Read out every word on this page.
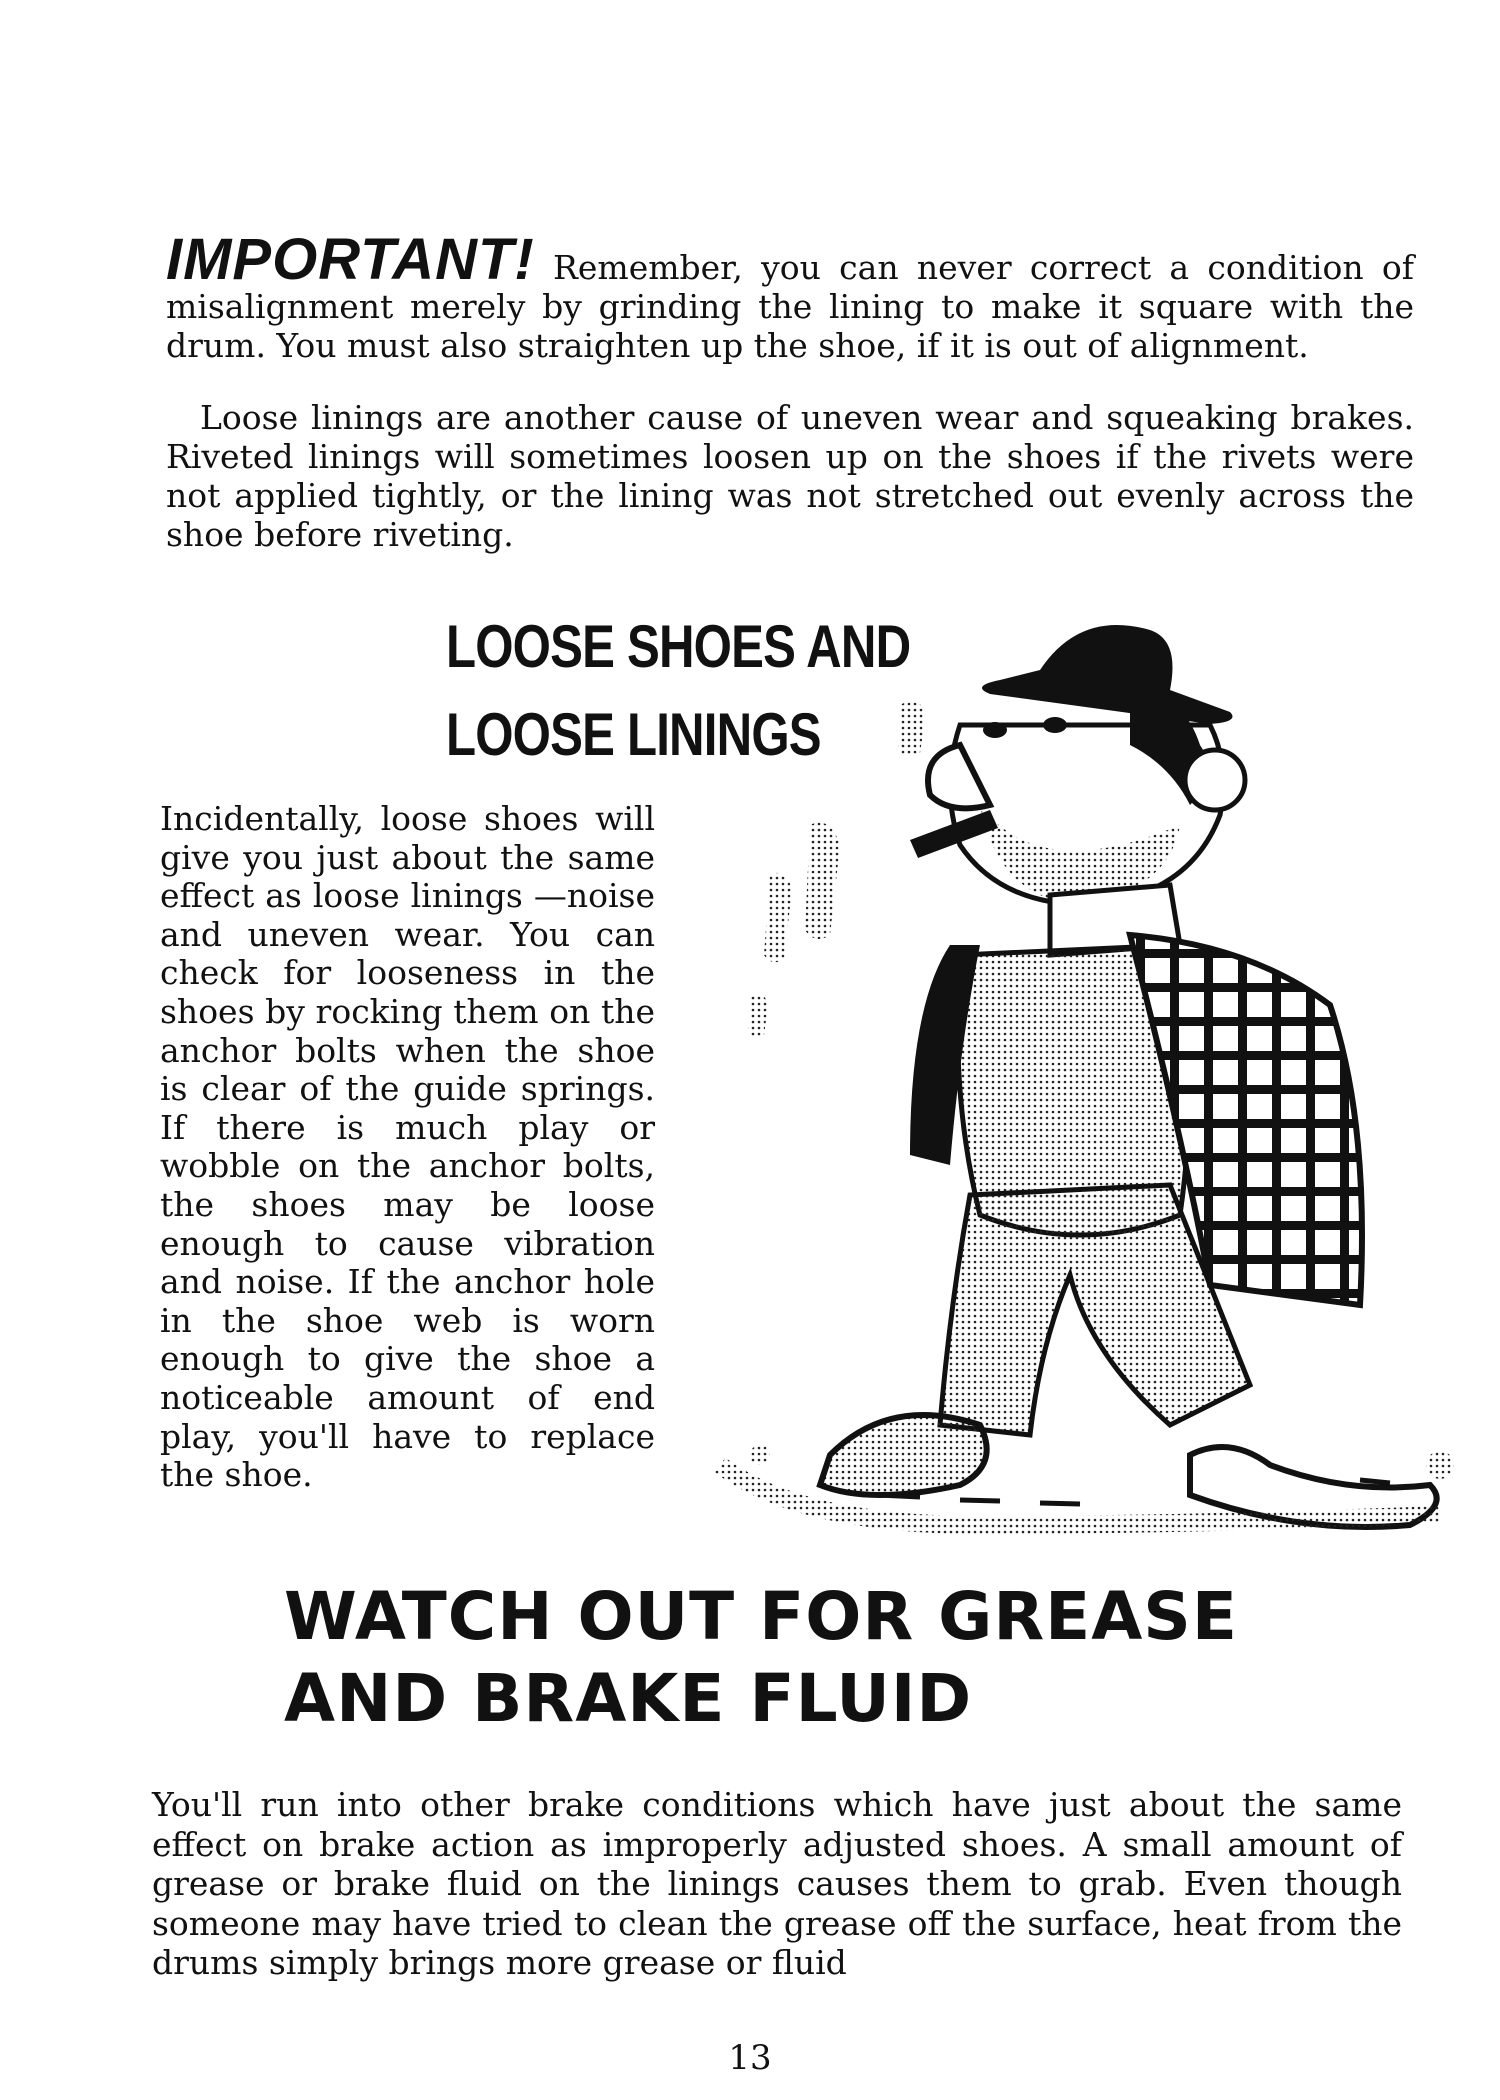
IMPORTANT! Remember, you can never correct a condition of misalignment merely by grinding the lining to make it square with the drum. You must also straighten up the shoe, if it is out of alignment.

Loose linings are another cause of uneven wear and squeaking brakes. Riveted linings will sometimes loosen up on the shoes if the rivets were not applied tightly, or the lining was not stretched out evenly across the shoe before riveting.

LOOSE SHOES AND
LOOSE LININGS
Incidentally, loose shoes will give you just about the same effect as loose linings —noise and uneven wear. You can check for looseness in the shoes by rocking them on the anchor bolts when the shoe is clear of the guide springs. If there is much play or wobble on the anchor bolts, the shoes may be loose enough to cause vibration and noise. If the anchor hole in the shoe web is worn enough to give the shoe a noticeable amount of end play, you'll have to replace the shoe.
WATCH OUT FOR GREASE
AND BRAKE FLUID
You'll run into other brake conditions which have just about the same effect on brake action as improperly adjusted shoes. A small amount of grease or brake fluid on the linings causes them to grab. Even though someone may have tried to clean the grease off the surface, heat from the drums simply brings more grease or fluid
13
